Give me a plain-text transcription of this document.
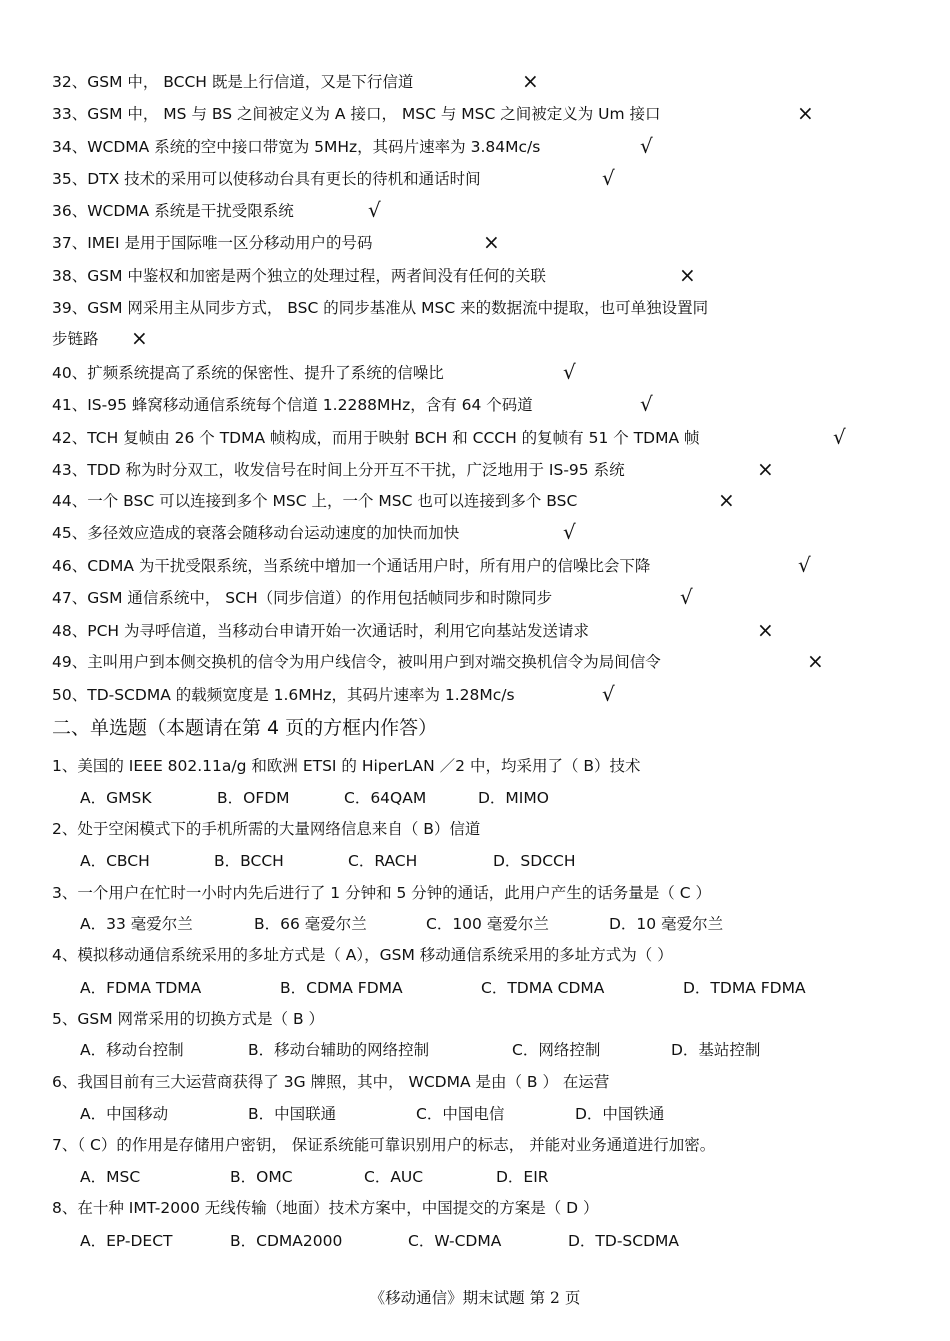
32、GSM 中， BCCH 既是上行信道，又是下行信道	×
33、GSM 中， MS 与 BS 之间被定义为 A 接口， MSC 与 MSC 之间被定义为 Um 接口	×
34、WCDMA 系统的空中接口带宽为 5MHz，其码片速率为 3.84Mc/s	√
35、DTX 技术的采用可以使移动台具有更长的待机和通话时间	√
36、WCDMA 系统是干扰受限系统	√
37、IMEI 是用于国际唯一区分移动用户的号码	×
38、GSM 中鉴权和加密是两个独立的处理过程，两者间没有任何的关联	×
39、GSM 网采用主从同步方式， BSC 的同步基准从 MSC 来的数据流中提取，也可单独设置同
步链路	×
40、扩频系统提高了系统的保密性、提升了系统的信噪比	√
41、IS-95 蜂窝移动通信系统每个信道 1.2288MHz，含有 64 个码道	√
42、TCH 复帧由 26 个 TDMA 帧构成，而用于映射 BCH 和 CCCH 的复帧有 51 个 TDMA 帧	√
43、TDD 称为时分双工，收发信号在时间上分开互不干扰，广泛地用于 IS-95 系统	×
44、一个 BSC 可以连接到多个 MSC 上，一个 MSC 也可以连接到多个 BSC	×
45、多径效应造成的衰落会随移动台运动速度的加快而加快	√
46、CDMA 为干扰受限系统，当系统中增加一个通话用户时，所有用户的信噪比会下降	√
47、GSM 通信系统中， SCH（同步信道）的作用包括帧同步和时隙同步	√
48、PCH 为寻呼信道，当移动台申请开始一次通话时，利用它向基站发送请求	×
49、主叫用户到本侧交换机的信令为用户线信令，被叫用户到对端交换机信令为局间信令	×
50、TD-SCDMA 的载频宽度是 1.6MHz，其码片速率为 1.28Mc/s	√
二、单选题（本题请在第 4 页的方框内作答）
1、美国的 IEEE 802.11a/g 和欧洲 ETSI 的 HiperLAN ／2 中，均采用了（ B）技术
A．GMSK	B．OFDM	C．64QAM	D．MIMO
2、处于空闲模式下的手机所需的大量网络信息来自（ B）信道
A．CBCH	B．BCCH	C．RACH	D．SDCCH
3、一个用户在忙时一小时内先后进行了 1 分钟和 5 分钟的通话，此用户产生的话务量是（ C ）
A．33 毫爱尔兰	B．66 毫爱尔兰	C．100 毫爱尔兰	D．10 毫爱尔兰
4、模拟移动通信系统采用的多址方式是（ A），GSM 移动通信系统采用的多址方式为（ ）
A．FDMA TDMA	B．CDMA FDMA	C．TDMA CDMA	D．TDMA FDMA
5、GSM 网常采用的切换方式是（ B ）
A．移动台控制	B．移动台辅助的网络控制	C．网络控制	D．基站控制
6、我国目前有三大运营商获得了 3G 牌照，其中， WCDMA 是由（ B ） 在运营
A．中国移动	B．中国联通	C．中国电信	D．中国铁通
7、（ C）的作用是存储用户密钥， 保证系统能可靠识别用户的标志， 并能对业务通道进行加密。
A．MSC	B．OMC	C．AUC	D．EIR
8、在十种 IMT-2000 无线传输（地面）技术方案中，中国提交的方案是（ D ）
A．EP-DECT	B．CDMA2000	C．W-CDMA	D．TD-SCDMA
《移动通信》期末试题 第 2 页
